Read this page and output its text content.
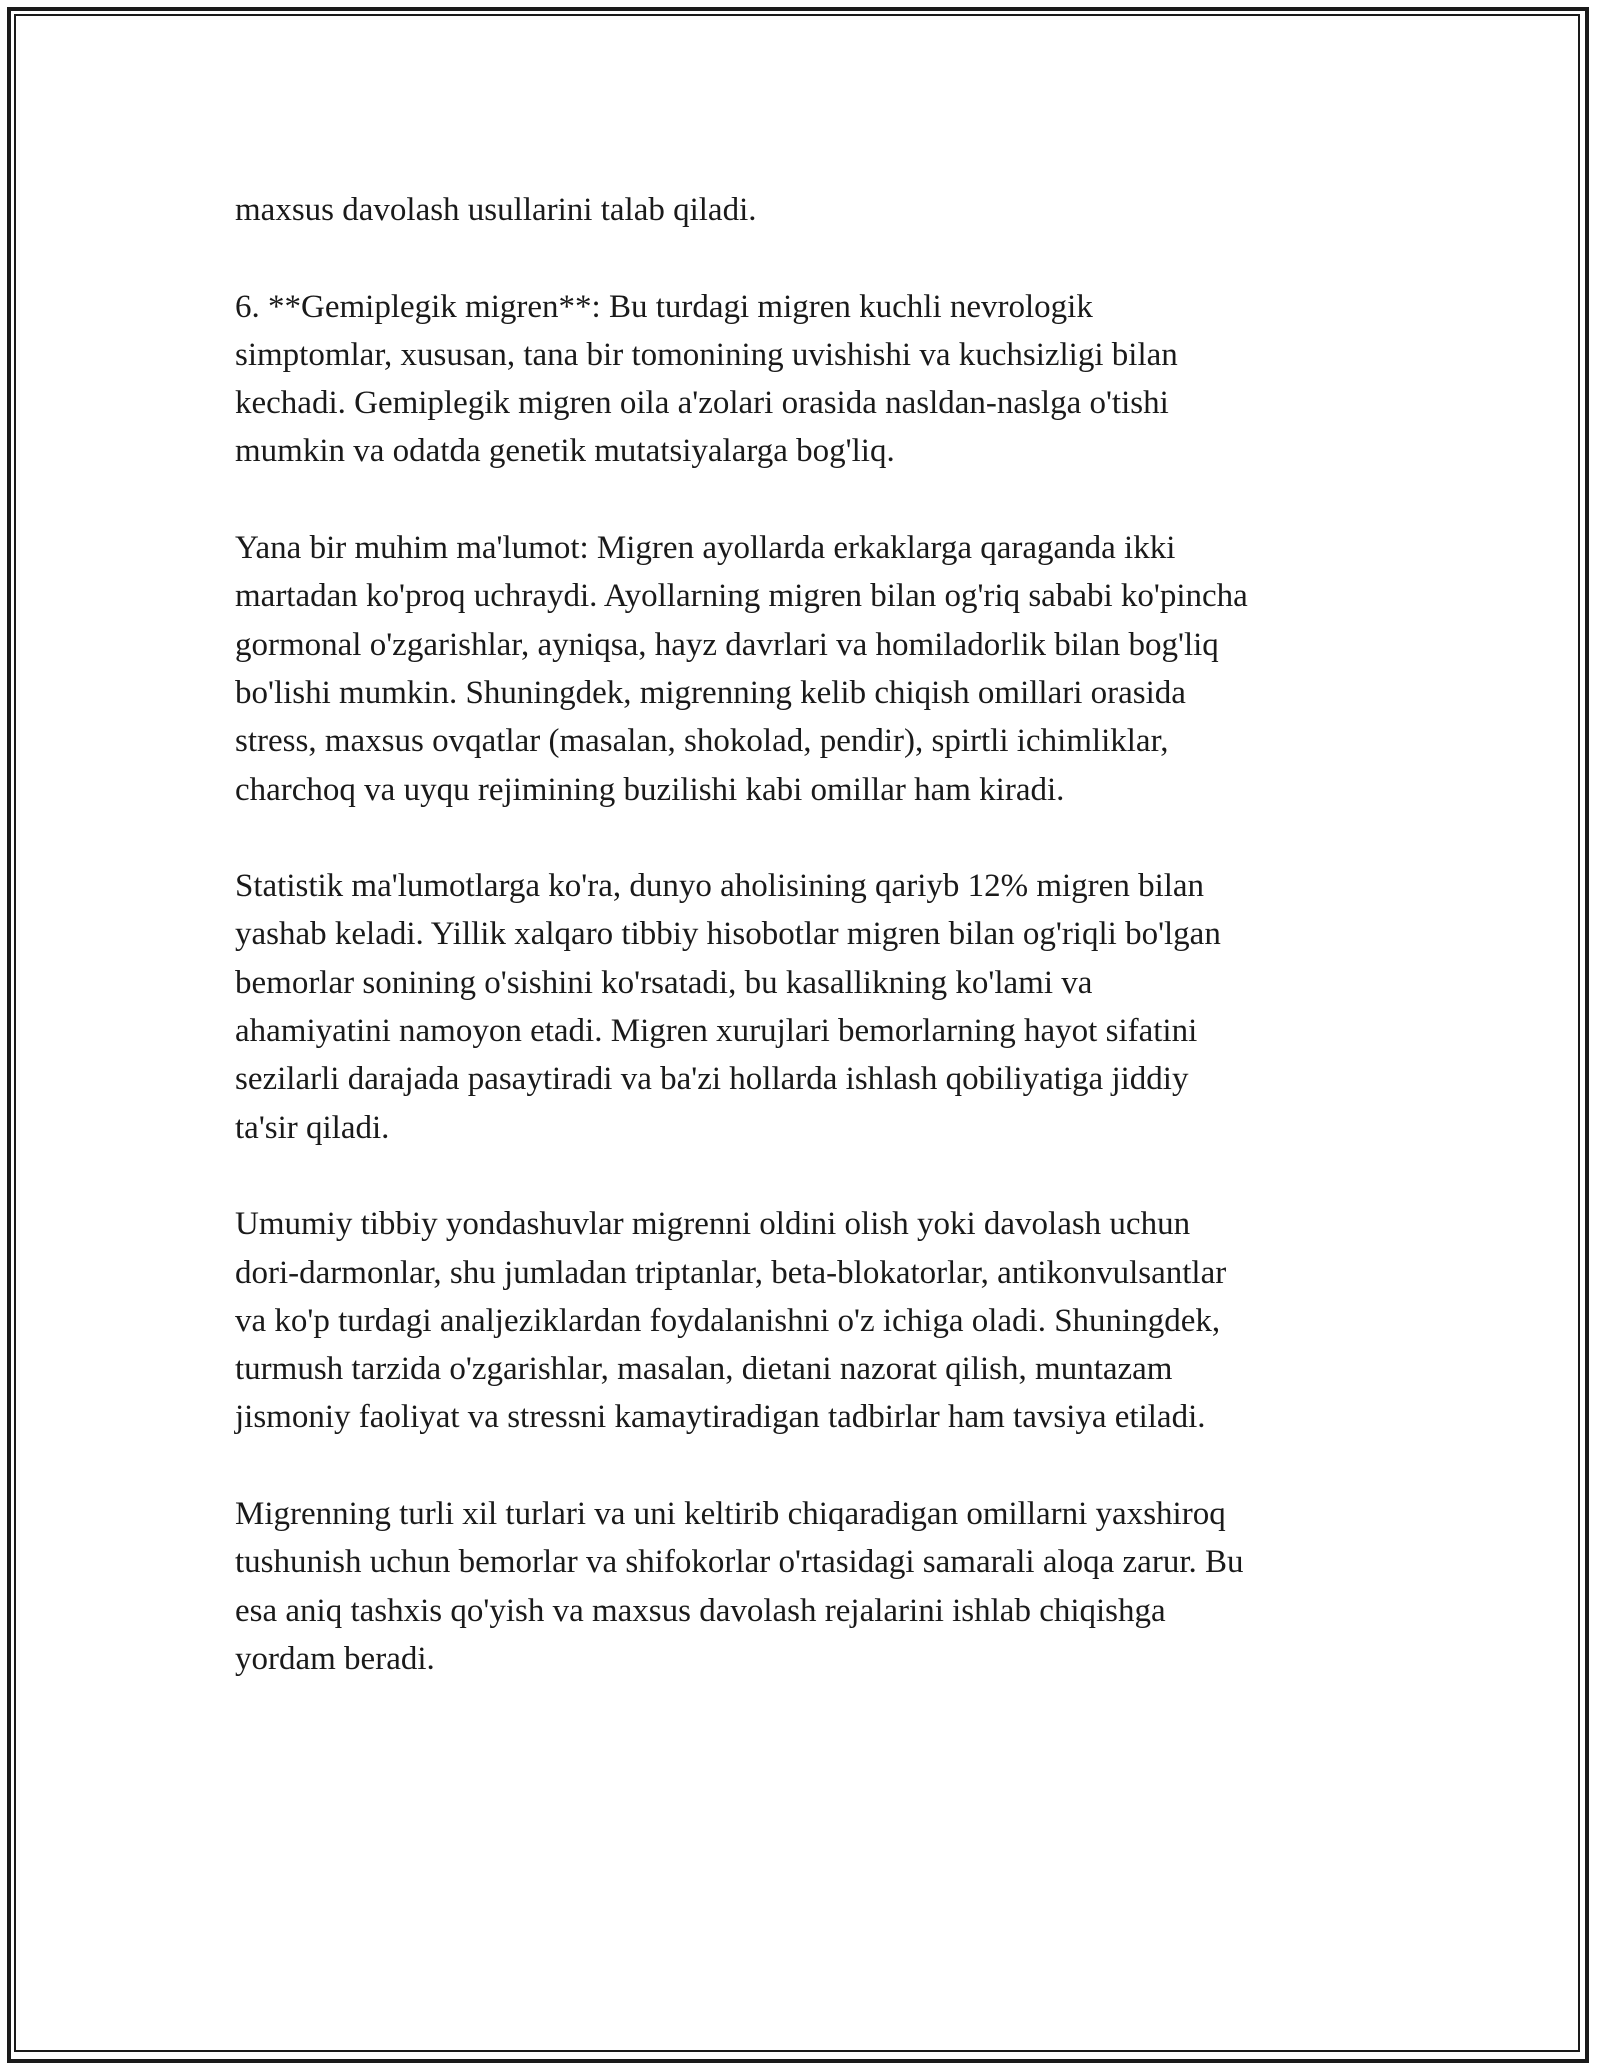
maxsus davolash usullarini talab qiladi.
6. **Gemiplegik migren**: Bu turdagi migren kuchli nevrologik
simptomlar, xususan, tana bir tomonining uvishishi va kuchsizligi bilan
kechadi. Gemiplegik migren oila a'zolari orasida nasldan-naslga o'tishi
mumkin va odatda genetik mutatsiyalarga bog'liq.
Yana bir muhim ma'lumot: Migren ayollarda erkaklarga qaraganda ikki
martadan ko'proq uchraydi. Ayollarning migren bilan og'riq sababi ko'pincha
gormonal o'zgarishlar, ayniqsa, hayz davrlari va homiladorlik bilan bog'liq
bo'lishi mumkin. Shuningdek, migrenning kelib chiqish omillari orasida
stress, maxsus ovqatlar (masalan, shokolad, pendir), spirtli ichimliklar,
charchoq va uyqu rejimining buzilishi kabi omillar ham kiradi.
Statistik ma'lumotlarga ko'ra, dunyo aholisining qariyb 12% migren bilan
yashab keladi. Yillik xalqaro tibbiy hisobotlar migren bilan og'riqli bo'lgan
bemorlar sonining o'sishini ko'rsatadi, bu kasallikning ko'lami va
ahamiyatini namoyon etadi. Migren xurujlari bemorlarning hayot sifatini
sezilarli darajada pasaytiradi va ba'zi hollarda ishlash qobiliyatiga jiddiy
ta'sir qiladi.
Umumiy tibbiy yondashuvlar migrenni oldini olish yoki davolash uchun
dori-darmonlar, shu jumladan triptanlar, beta-blokatorlar, antikonvulsantlar
va ko'p turdagi analjeziklardan foydalanishni o'z ichiga oladi. Shuningdek,
turmush tarzida o'zgarishlar, masalan, dietani nazorat qilish, muntazam
jismoniy faoliyat va stressni kamaytiradigan tadbirlar ham tavsiya etiladi.
Migrenning turli xil turlari va uni keltirib chiqaradigan omillarni yaxshiroq
tushunish uchun bemorlar va shifokorlar o'rtasidagi samarali aloqa zarur. Bu
esa aniq tashxis qo'yish va maxsus davolash rejalarini ishlab chiqishga
yordam beradi.
